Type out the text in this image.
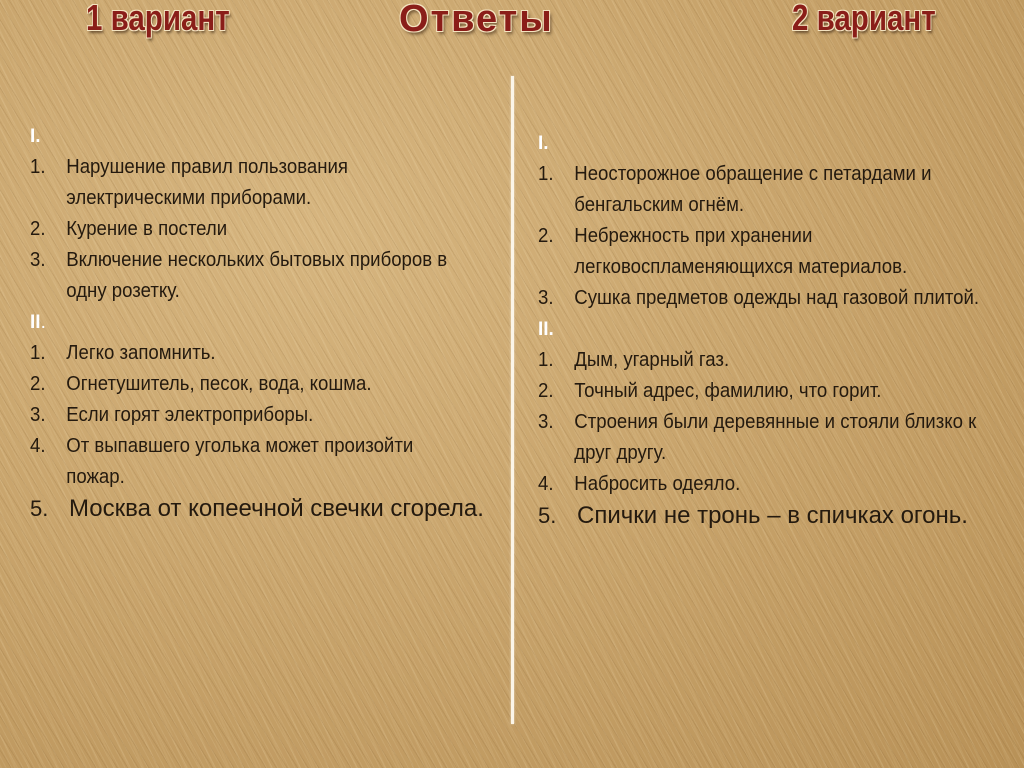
1 вариант	Ответы	2 вариант
I.
1. Нарушение правил пользования электрическими приборами.
2. Курение в постели
3. Включение нескольких бытовых приборов в одну розетку.
II.
1. Легко запомнить.
2. Огнетушитель, песок, вода, кошма.
3. Если горят электроприборы.
4. От выпавшего уголька может произойти пожар.
5. Москва от копеечной свечки сгорела.
I.
1. Неосторожное обращение с петардами и бенгальским огнём.
2. Небрежность при хранении легковоспламеняющихся материалов.
3. Сушка предметов одежды над газовой плитой.
II.
1. Дым, угарный газ.
2. Точный адрес, фамилию, что горит.
3. Строения были деревянные и стояли близко к друг другу.
4. Набросить одеяло.
5. Спички не тронь – в спичках огонь.
